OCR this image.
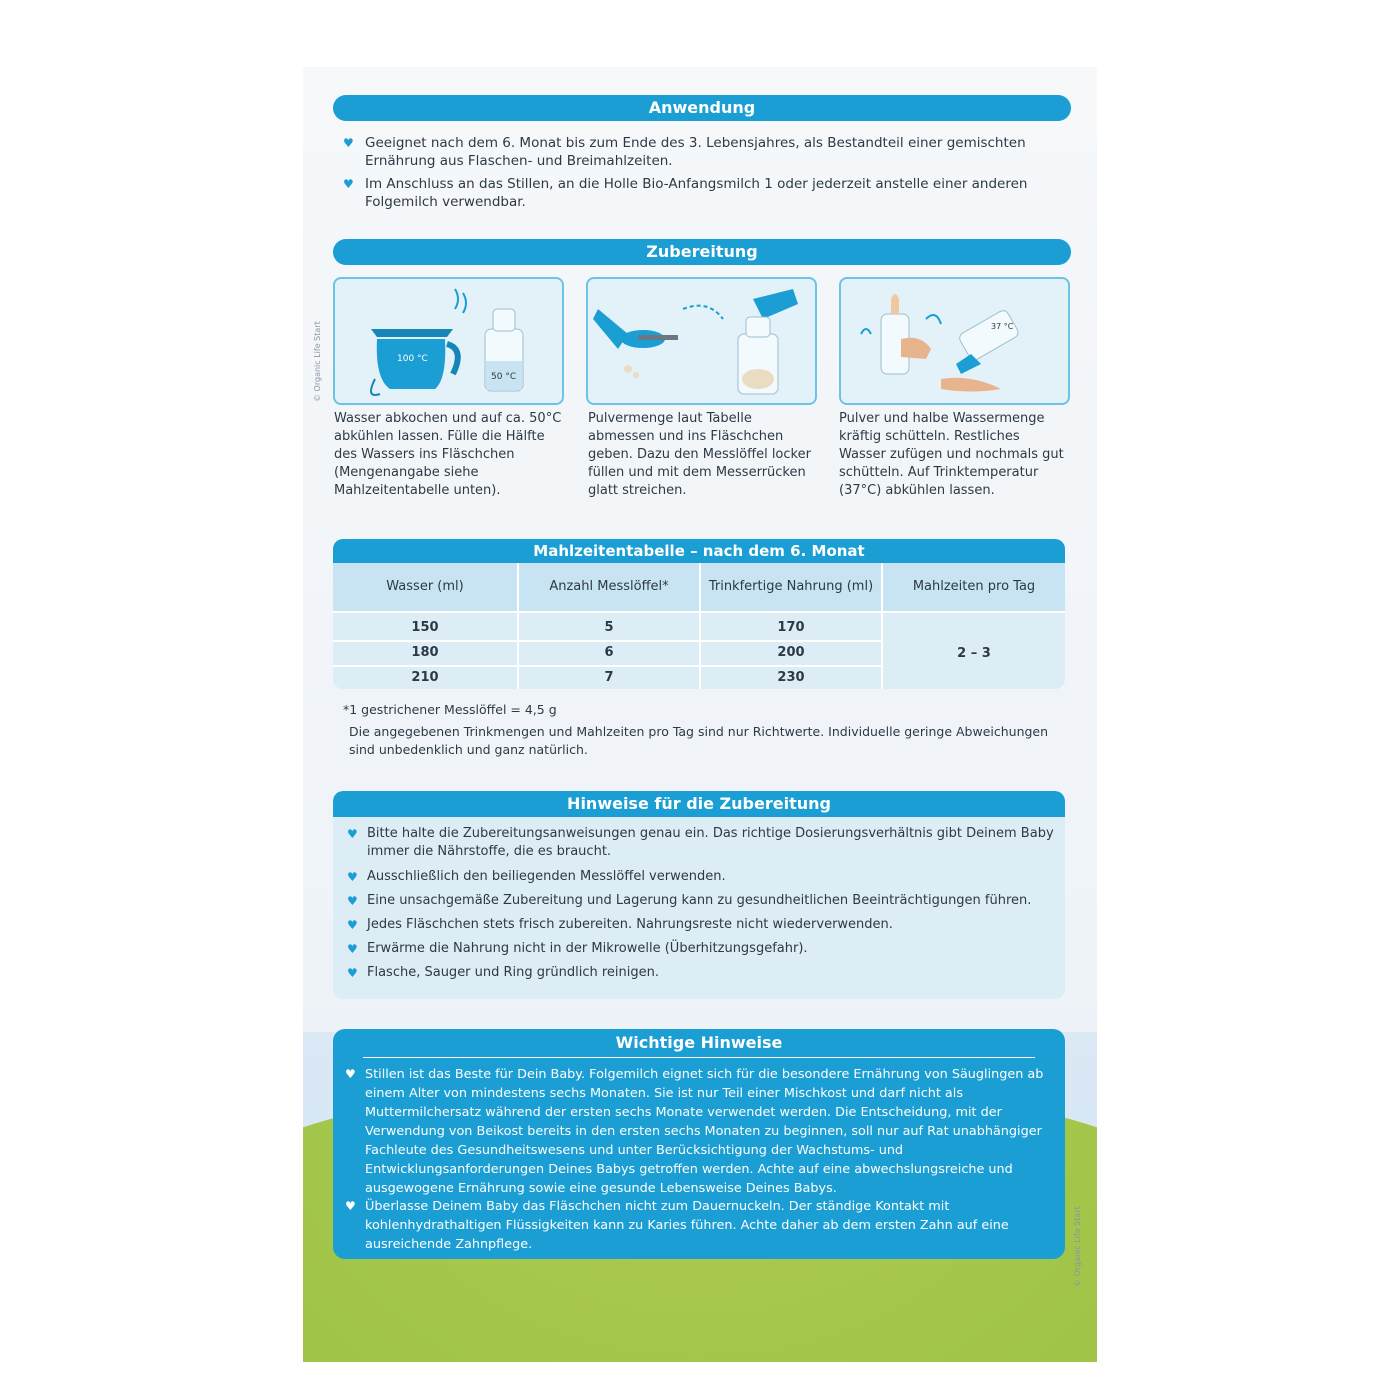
© Organic Life Start
© Organic Life Start
Anwendung
♥ Geeignet nach dem 6. Monat bis zum Ende des 3. Lebensjahres, als Bestandteil einer gemischten Ernährung aus Flaschen- und Breimahlzeiten.
♥ Im Anschluss an das Stillen, an die Holle Bio-Anfangsmilch 1 oder jederzeit anstelle einer anderen Folgemilch verwendbar.
Zubereitung
100 °C
50 °C
37 °C
Wasser abkochen und auf ca. 50°C abkühlen lassen. Fülle die Hälfte des Wassers ins Fläschchen (Mengenangabe siehe Mahlzeitentabelle unten).
Pulvermenge laut Tabelle abmessen und ins Fläschchen geben. Dazu den Messlöffel locker füllen und mit dem Messerrücken glatt streichen.
Pulver und halbe Wassermenge kräftig schütteln. Restliches Wasser zufügen und nochmals gut schütteln. Auf Trinktemperatur (37°C) abkühlen lassen.
Mahlzeitentabelle – nach dem 6. Monat
Wasser (ml)	Anzahl Messlöffel*	Trinkfertige Nahrung (ml)	Mahlzeiten pro Tag
150	5	170
180	6	200
210	7	230
2 – 3
*1 gestrichener Messlöffel = 4,5 g
Die angegebenen Trinkmengen und Mahlzeiten pro Tag sind nur Richtwerte. Individuelle geringe Abweichungen sind unbedenklich und ganz natürlich.
Hinweise für die Zubereitung
♥ Bitte halte die Zubereitungsanweisungen genau ein. Das richtige Dosierungsverhältnis gibt Deinem Baby immer die Nährstoffe, die es braucht.
♥ Ausschließlich den beiliegenden Messlöffel verwenden.
♥ Eine unsachgemäße Zubereitung und Lagerung kann zu gesundheitlichen Beeinträchtigungen führen.
♥ Jedes Fläschchen stets frisch zubereiten. Nahrungsreste nicht wiederverwenden.
♥ Erwärme die Nahrung nicht in der Mikrowelle (Überhitzungsgefahr).
♥ Flasche, Sauger und Ring gründlich reinigen.
Wichtige Hinweise
♥ Stillen ist das Beste für Dein Baby. Folgemilch eignet sich für die besondere Ernährung von Säuglingen ab einem Alter von mindestens sechs Monaten. Sie ist nur Teil einer Mischkost und darf nicht als Muttermilchersatz während der ersten sechs Monate verwendet werden. Die Entscheidung, mit der Verwendung von Beikost bereits in den ersten sechs Monaten zu beginnen, soll nur auf Rat unabhängiger Fachleute des Gesundheitswesens und unter Berücksichtigung der Wachstums- und Entwicklungsanforderungen Deines Babys getroffen werden. Achte auf eine abwechslungsreiche und ausgewogene Ernährung sowie eine gesunde Lebensweise Deines Babys.
♥ Überlasse Deinem Baby das Fläschchen nicht zum Dauernuckeln. Der ständige Kontakt mit kohlenhydrathaltigen Flüssigkeiten kann zu Karies führen. Achte daher ab dem ersten Zahn auf eine ausreichende Zahnpflege.
